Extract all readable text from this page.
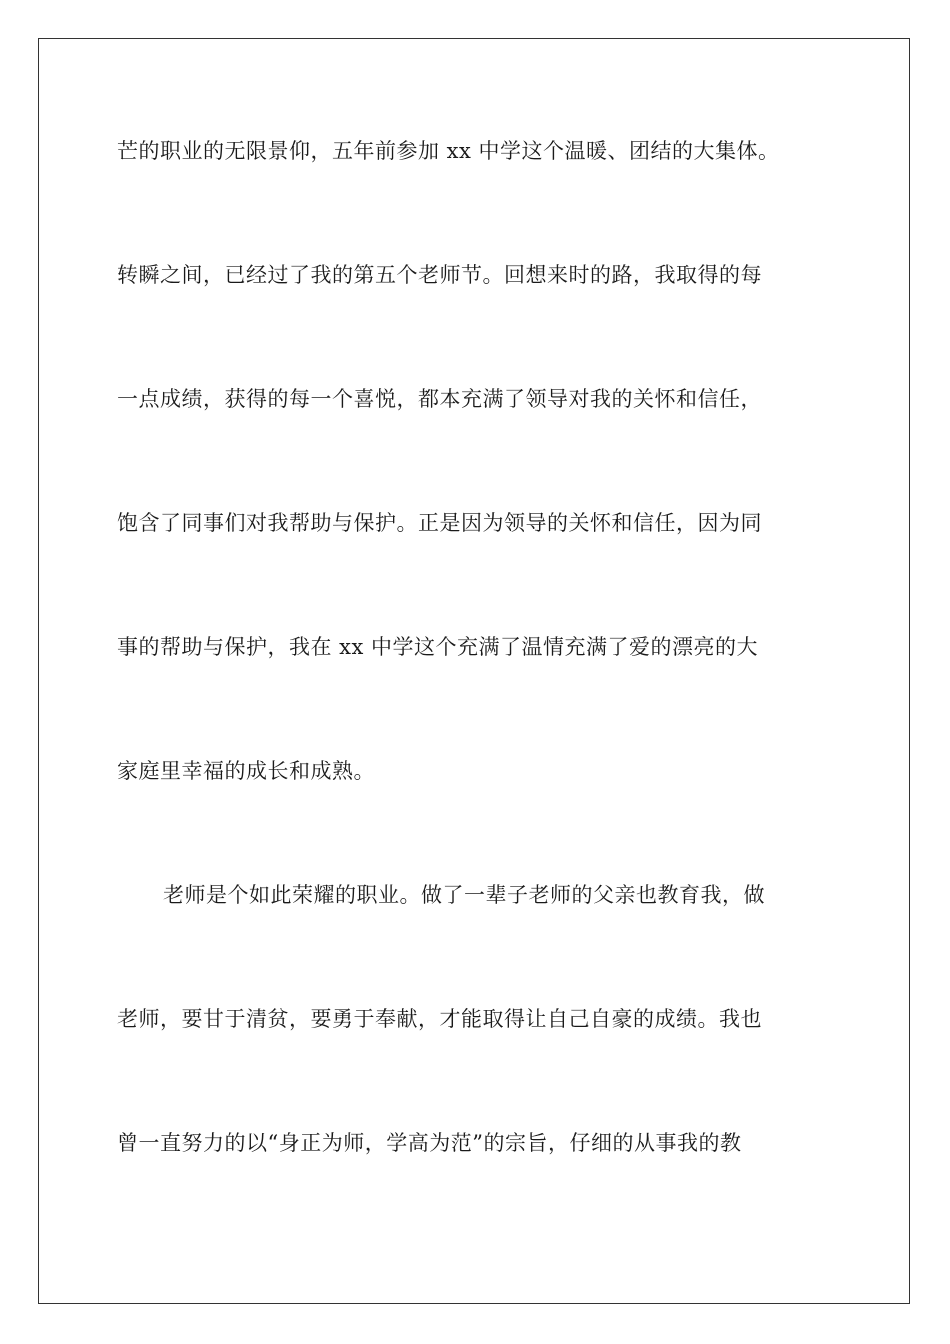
芒的职业的无限景仰，五年前参加 xx 中学这个温暖、团结的大集体。
转瞬之间，已经过了我的第五个老师节。回想来时的路，我取得的每
一点成绩，获得的每一个喜悦，都本充满了领导对我的关怀和信任，
饱含了同事们对我帮助与保护。正是因为领导的关怀和信任，因为同
事的帮助与保护，我在 xx 中学这个充满了温情充满了爱的漂亮的大
家庭里幸福的成长和成熟。
老师是个如此荣耀的职业。做了一辈子老师的父亲也教育我，做
老师，要甘于清贫，要勇于奉献，才能取得让自己自豪的成绩。我也
曾一直努力的以“身正为师，学高为范”的宗旨，仔细的从事我的教
